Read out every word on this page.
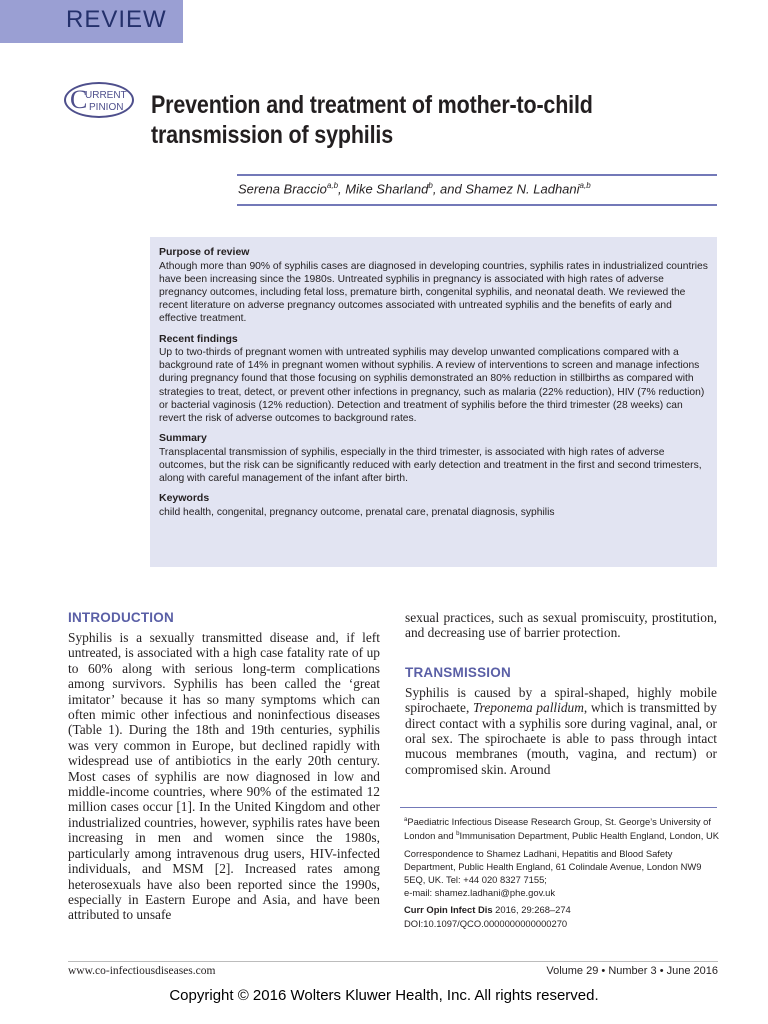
REVIEW
C
URRENT
PINION Prevention and treatment of mother-to-child
transmission of syphilis
Serena Braccio$^{a,b}$, Mike Sharland$^b$, and Shamez N. Ladhani$^{a,b}$
Purpose of review

Athough more than 90% of syphilis cases are diagnosed in developing countries, syphilis rates in industrialized countries have been increasing since the 1980s. Untreated syphilis in pregnancy is associated with high rates of adverse pregnancy outcomes, including fetal loss, premature birth, congenital syphilis, and neonatal death. We reviewed the recent literature on adverse pregnancy outcomes associated with untreated syphilis and the benefits of early and effective treatment.

Recent findings

Up to two-thirds of pregnant women with untreated syphilis may develop unwanted complications compared with a background rate of 14% in pregnant women without syphilis. A review of interventions to screen and manage infections during pregnancy found that those focusing on syphilis demonstrated an 80% reduction in stillbirths as compared with strategies to treat, detect, or prevent other infections in pregnancy, such as malaria (22% reduction), HIV (7% reduction) or bacterial vaginosis (12% reduction). Detection and treatment of syphilis before the third trimester (28 weeks) can revert the risk of adverse outcomes to background rates.

Summary

Transplacental transmission of syphilis, especially in the third trimester, is associated with high rates of adverse outcomes, but the risk can be significantly reduced with early detection and treatment in the first and second trimesters, along with careful management of the infant after birth.

Keywords

child health, congenital, pregnancy outcome, prenatal care, prenatal diagnosis, syphilis

INTRODUCTION

Syphilis is a sexually transmitted disease and, if left untreated, is associated with a high case fatality rate of up to 60% along with serious long-term complications among survivors. Syphilis has been called the ‘great imitator’ because it has so many symptoms which can often mimic other infectious and noninfectious diseases (Table 1). During the 18th and 19th centuries, syphilis was very common in Europe, but declined rapidly with widespread use of antibiotics in the early 20th century. Most cases of syphilis are now diagnosed in low and middle-income countries, where 90% of the estimated 12 million cases occur [1]. In the United Kingdom and other industrialized countries, however, syphilis rates have been increasing in men and women since the 1980s, particularly among intravenous drug users, HIV-infected individuals, and MSM [2]. Increased rates among heterosexuals have also been reported since the 1990s, especially in Eastern Europe and Asia, and have been attributed to unsafe

sexual practices, such as sexual promiscuity, prostitution, and decreasing use of barrier protection.

TRANSMISSION

Syphilis is caused by a spiral-shaped, highly mobile spirochaete, Treponema pallidum, which is transmitted by direct contact with a syphilis sore during vaginal, anal, or oral sex. The spirochaete is able to pass through intact mucous membranes (mouth, vagina, and rectum) or compromised skin. Around

$^a$Paediatric Infectious Disease Research Group, St. George’s University of London and $^b$Immunisation Department, Public Health England, London, UK

Correspondence to Shamez Ladhani, Hepatitis and Blood Safety Department, Public Health England, 61 Colindale Avenue, London NW9 5EQ, UK. Tel: +44 020 8327 7155;

e-mail: shamez.ladhani@phe.gov.uk

Curr Opin Infect Dis 2016, 29:268–274

DOI:10.1097/QCO.0000000000000270

www.co-infectiousdiseases.com	Volume 29 • Number 3 • June 2016
Copyright © 2016 Wolters Kluwer Health, Inc. All rights reserved.
